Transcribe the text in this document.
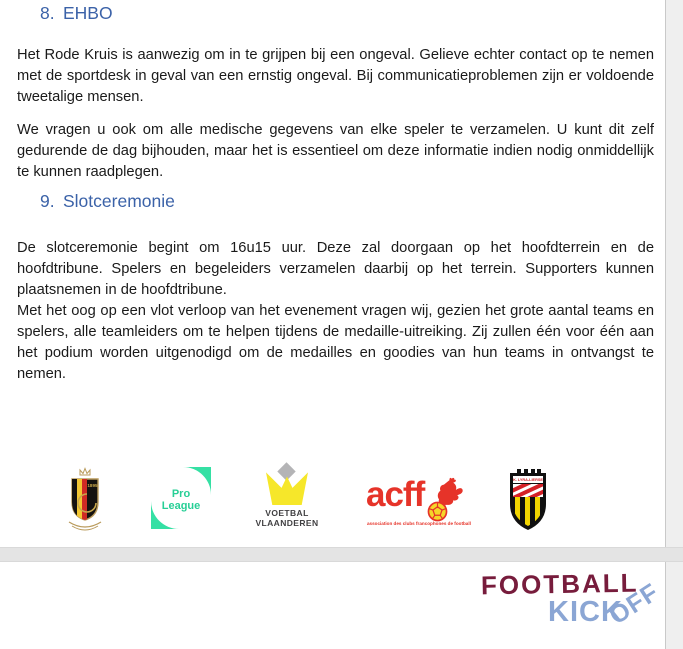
8. EHBO

Het Rode Kruis is aanwezig om in te grijpen bij een ongeval. Gelieve echter contact op te nemen met de sportdesk in geval van een ernstig ongeval. Bij communicatieproblemen zijn er voldoende tweetalige mensen.

We vragen u ook om alle medische gegevens van elke speler te verzamelen. U kunt dit zelf gedurende de dag bijhouden, maar het is essentieel om deze informatie indien nodig onmiddellijk te kunnen raadplegen.

9. Slotceremonie

De slotceremonie begint om 16u15 uur. Deze zal doorgaan op het hoofdterrein en de hoofdtribune. Spelers en begeleiders verzamelen daarbij op het terrein. Supporters kunnen plaatsnemen in de hoofdtribune.

Met het oog op een vlot verloop van het evenement vragen wij, gezien het grote aantal teams en spelers, alle teamleiders om te helpen tijdens de medaille-uitreiking. Zij zullen één voor één aan het podium worden uitgenodigd om de medailles en goodies van hun teams in ontvangst te nemen.

1895
Pro
League
VOETBAL
VLAANDEREN
acff
association des clubs francophones de football
K. LYRA-LIERSE
FOOTBALL
KICK
OFF
